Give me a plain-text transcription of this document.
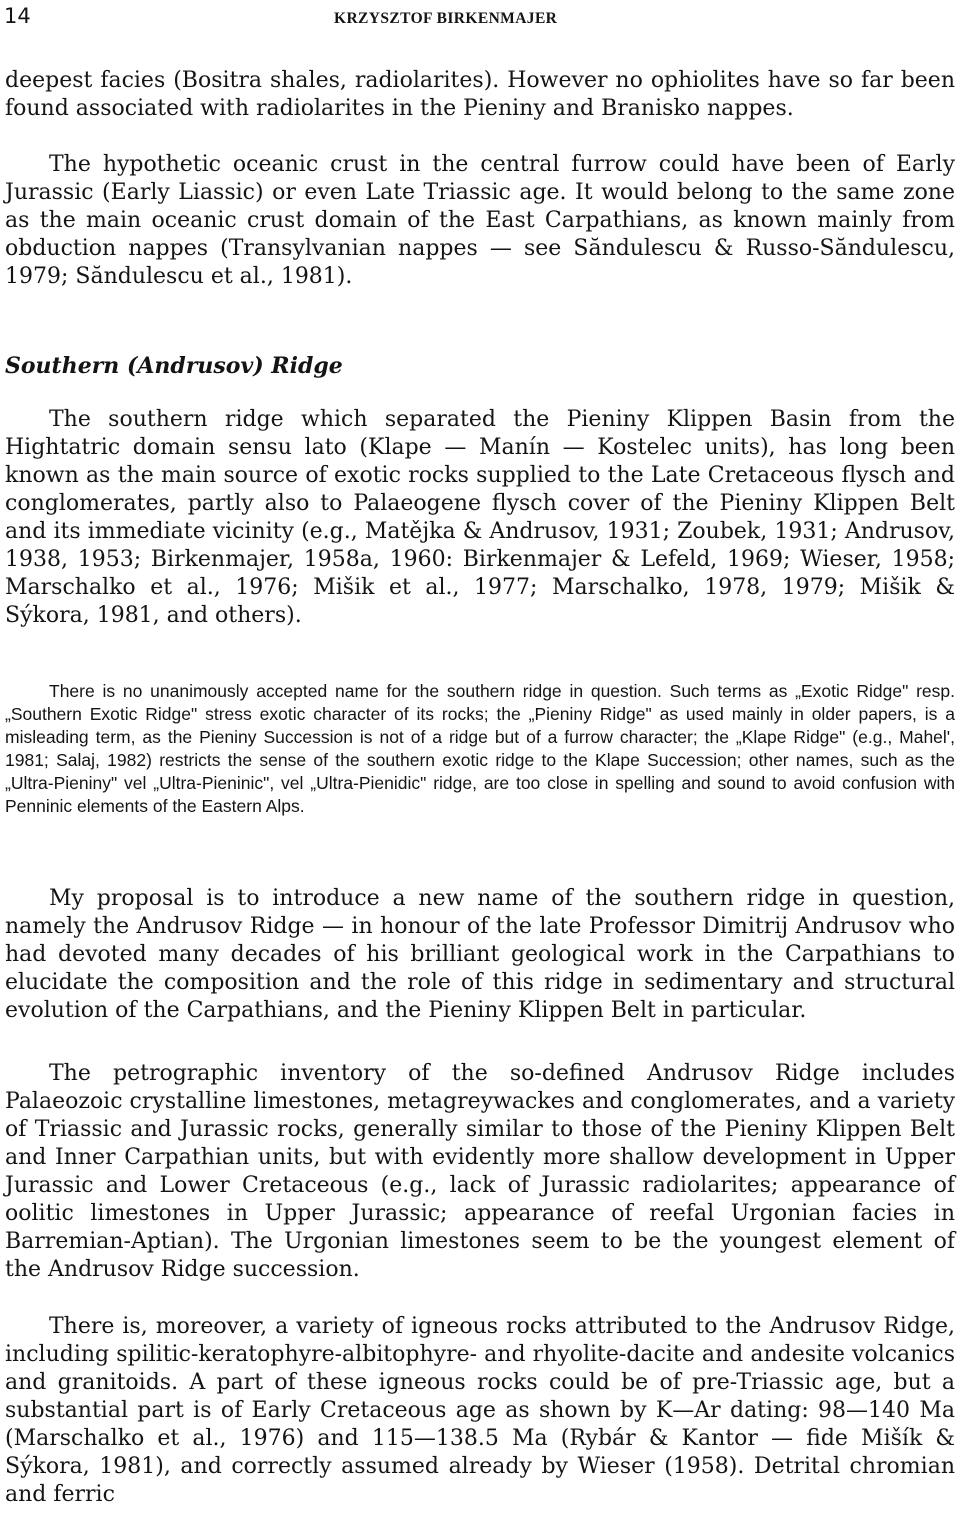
14	KRZYSZTOF BIRKENMAJER

deepest facies (Bositra shales, radiolarites). However no ophiolites have so far been found associated with radiolarites in the Pieniny and Branisko nappes.

The hypothetic oceanic crust in the central furrow could have been of Early Jurassic (Early Liassic) or even Late Triassic age. It would belong to the same zone as the main oceanic crust domain of the East Carpathians, as known mainly from obduction nappes (Transylvanian nappes — see Săndulescu & Russo-Săndulescu, 1979; Săndulescu et al., 1981).

Southern (Andrusov) Ridge

The southern ridge which separated the Pieniny Klippen Basin from the Hightatric domain sensu lato (Klape — Manín — Kostelec units), has long been known as the main source of exotic rocks supplied to the Late Cretaceous flysch and conglomerates, partly also to Palaeogene flysch cover of the Pieniny Klippen Belt and its immediate vicinity (e.g., Matějka & Andrusov, 1931; Zoubek, 1931; Andrusov, 1938, 1953; Birkenmajer, 1958a, 1960: Birkenmajer & Lefeld, 1969; Wieser, 1958; Marschalko et al., 1976; Mišik et al., 1977; Marschalko, 1978, 1979; Mišik & Sýkora, 1981, and others).

There is no unanimously accepted name for the southern ridge in question. Such terms as „Exotic Ridge" resp. „Southern Exotic Ridge" stress exotic character of its rocks; the „Pieniny Ridge" as used mainly in older papers, is a misleading term, as the Pieniny Succession is not of a ridge but of a furrow character; the „Klape Ridge" (e.g., Mahel', 1981; Salaj, 1982) restricts the sense of the southern exotic ridge to the Klape Succession; other names, such as the „Ultra-Pieniny" vel „Ultra-Pieninic", vel „Ultra-Pienidic" ridge, are too close in spelling and sound to avoid confusion with Penninic elements of the Eastern Alps.

My proposal is to introduce a new name of the southern ridge in question, namely the Andrusov Ridge — in honour of the late Professor Dimitrij Andrusov who had devoted many decades of his brilliant geological work in the Carpathians to elucidate the composition and the role of this ridge in sedimentary and structural evolution of the Carpathians, and the Pieniny Klippen Belt in particular.

The petrographic inventory of the so-defined Andrusov Ridge includes Palaeozoic crystalline limestones, metagreywackes and conglomerates, and a variety of Triassic and Jurassic rocks, generally similar to those of the Pieniny Klippen Belt and Inner Carpathian units, but with evidently more shallow development in Upper Jurassic and Lower Cretaceous (e.g., lack of Jurassic radiolarites; appearance of oolitic limestones in Upper Jurassic; appearance of reefal Urgonian facies in Barremian-Aptian). The Urgonian limestones seem to be the youngest element of the Andrusov Ridge succession.

There is, moreover, a variety of igneous rocks attributed to the Andrusov Ridge, including spilitic-keratophyre-albitophyre- and rhyolite-dacite and andesite volcanics and granitoids. A part of these igneous rocks could be of pre-Triassic age, but a substantial part is of Early Cretaceous age as shown by K—Ar dating: 98—140 Ma (Marschalko et al., 1976) and 115—138.5 Ma (Rybár & Kantor — fide Mišík & Sýkora, 1981), and correctly assumed already by Wieser (1958). Detrital chromian and ferric
